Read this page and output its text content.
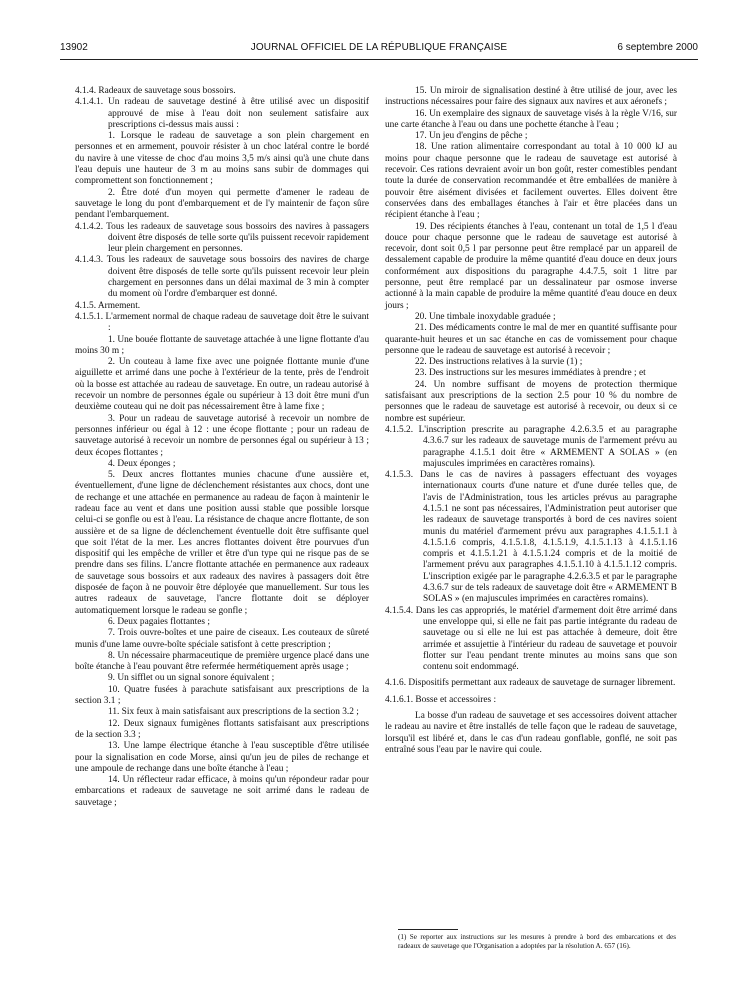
13902	JOURNAL OFFICIEL DE LA RÉPUBLIQUE FRANÇAISE	6 septembre 2000

4.1.4. Radeaux de sauvetage sous bossoirs.

4.1.4.1. Un radeau de sauvetage destiné à être utilisé avec un dispositif approuvé de mise à l'eau doit non seulement satisfaire aux prescriptions ci-dessus mais aussi :

1. Lorsque le radeau de sauvetage a son plein chargement en personnes et en armement, pouvoir résister à un choc latéral contre le bordé du navire à une vitesse de choc d'au moins 3,5 m/s ainsi qu'à une chute dans l'eau depuis une hauteur de 3 m au moins sans subir de dommages qui compromettent son fonctionnement ;

2. Être doté d'un moyen qui permette d'amener le radeau de sauvetage le long du pont d'embarquement et de l'y maintenir de façon sûre pendant l'embarquement.

4.1.4.2. Tous les radeaux de sauvetage sous bossoirs des navires à passagers doivent être disposés de telle sorte qu'ils puissent recevoir rapidement leur plein chargement en personnes.

4.1.4.3. Tous les radeaux de sauvetage sous bossoirs des navires de charge doivent être disposés de telle sorte qu'ils puissent recevoir leur plein chargement en personnes dans un délai maximal de 3 min à compter du moment où l'ordre d'embarquer est donné.

4.1.5. Armement.

4.1.5.1. L'armement normal de chaque radeau de sauvetage doit être le suivant :

1. Une bouée flottante de sauvetage attachée à une ligne flottante d'au moins 30 m ;

2. Un couteau à lame fixe avec une poignée flottante munie d'une aiguillette et arrimé dans une poche à l'extérieur de la tente, près de l'endroit où la bosse est attachée au radeau de sauvetage. En outre, un radeau autorisé à recevoir un nombre de personnes égale ou supérieur à 13 doit être muni d'un deuxième couteau qui ne doit pas nécessairement être à lame fixe ;

3. Pour un radeau de sauvetage autorisé à recevoir un nombre de personnes inférieur ou égal à 12 : une écope flottante ; pour un radeau de sauvetage autorisé à recevoir un nombre de personnes égal ou supérieur à 13 ; deux écopes flottantes ;

4. Deux éponges ;

5. Deux ancres flottantes munies chacune d'une aussière et, éventuellement, d'une ligne de déclenchement résistantes aux chocs, dont une de rechange et une attachée en permanence au radeau de façon à maintenir le radeau face au vent et dans une position aussi stable que possible lorsque celui-ci se gonfle ou est à l'eau. La résistance de chaque ancre flottante, de son aussière et de sa ligne de déclenchement éventuelle doit être suffisante quel que soit l'état de la mer. Les ancres flottantes doivent être pourvues d'un dispositif qui les empêche de vriller et être d'un type qui ne risque pas de se prendre dans ses filins. L'ancre flottante attachée en permanence aux radeaux de sauvetage sous bossoirs et aux radeaux des navires à passagers doit être disposée de façon à ne pouvoir être déployée que manuellement. Sur tous les autres radeaux de sauvetage, l'ancre flottante doit se déployer automatiquement lorsque le radeau se gonfle ;

6. Deux pagaies flottantes ;

7. Trois ouvre-boîtes et une paire de ciseaux. Les couteaux de sûreté munis d'une lame ouvre-boîte spéciale satisfont à cette prescription ;

8. Un nécessaire pharmaceutique de première urgence placé dans une boîte étanche à l'eau pouvant être refermée hermétiquement après usage ;

9. Un sifflet ou un signal sonore équivalent ;

10. Quatre fusées à parachute satisfaisant aux prescriptions de la section 3.1 ;

11. Six feux à main satisfaisant aux prescriptions de la section 3.2 ;

12. Deux signaux fumigènes flottants satisfaisant aux prescriptions de la section 3.3 ;

13. Une lampe électrique étanche à l'eau susceptible d'être utilisée pour la signalisation en code Morse, ainsi qu'un jeu de piles de rechange et une ampoule de rechange dans une boîte étanche à l'eau ;

14. Un réflecteur radar efficace, à moins qu'un répondeur radar pour embarcations et radeaux de sauvetage ne soit arrimé dans le radeau de sauvetage ;

15. Un miroir de signalisation destiné à être utilisé de jour, avec les instructions nécessaires pour faire des signaux aux navires et aux aéronefs ;

16. Un exemplaire des signaux de sauvetage visés à la règle V/16, sur une carte étanche à l'eau ou dans une pochette étanche à l'eau ;

17. Un jeu d'engins de pêche ;

18. Une ration alimentaire correspondant au total à 10 000 kJ au moins pour chaque personne que le radeau de sauvetage est autorisé à recevoir. Ces rations devraient avoir un bon goût, rester comestibles pendant toute la durée de conservation recommandée et être emballées de manière à pouvoir être aisément divisées et facilement ouvertes. Elles doivent être conservées dans des emballages étanches à l'air et être placées dans un récipient étanche à l'eau ;

19. Des récipients étanches à l'eau, contenant un total de 1,5 l d'eau douce pour chaque personne que le radeau de sauvetage est autorisé à recevoir, dont soit 0,5 l par personne peut être remplacé par un appareil de dessalement capable de produire la même quantité d'eau douce en deux jours conformément aux dispositions du paragraphe 4.4.7.5, soit 1 litre par personne, peut être remplacé par un dessalinateur par osmose inverse actionné à la main capable de produire la même quantité d'eau douce en deux jours ;

20. Une timbale inoxydable graduée ;

21. Des médicaments contre le mal de mer en quantité suffisante pour quarante-huit heures et un sac étanche en cas de vomissement pour chaque personne que le radeau de sauvetage est autorisé à recevoir ;

22. Des instructions relatives à la survie (1) ;

23. Des instructions sur les mesures immédiates à prendre ; et

24. Un nombre suffisant de moyens de protection thermique satisfaisant aux prescriptions de la section 2.5 pour 10 % du nombre de personnes que le radeau de sauvetage est autorisé à recevoir, ou deux si ce nombre est supérieur.

4.1.5.2. L'inscription prescrite au paragraphe 4.2.6.3.5 et au paragraphe 4.3.6.7 sur les radeaux de sauvetage munis de l'armement prévu au paragraphe 4.1.5.1 doit être « ARMEMENT A SOLAS » (en majuscules imprimées en caractères romains).

4.1.5.3. Dans le cas de navires à passagers effectuant des voyages internationaux courts d'une nature et d'une durée telles que, de l'avis de l'Administration, tous les articles prévus au paragraphe 4.1.5.1 ne sont pas nécessaires, l'Administration peut autoriser que les radeaux de sauvetage transportés à bord de ces navires soient munis du matériel d'armement prévu aux paragraphes 4.1.5.1.1 à 4.1.5.1.6 compris, 4.1.5.1.8, 4.1.5.1.9, 4.1.5.1.13 à 4.1.5.1.16 compris et 4.1.5.1.21 à 4.1.5.1.24 compris et de la moitié de l'armement prévu aux paragraphes 4.1.5.1.10 à 4.1.5.1.12 compris. L'inscription exigée par le paragraphe 4.2.6.3.5 et par le paragraphe 4.3.6.7 sur de tels radeaux de sauvetage doit être « ARMEMENT B SOLAS » (en majuscules imprimées en caractères romains).

4.1.5.4. Dans les cas appropriés, le matériel d'armement doit être arrimé dans une enveloppe qui, si elle ne fait pas partie intégrante du radeau de sauvetage ou si elle ne lui est pas attachée à demeure, doit être arrimée et assujettie à l'intérieur du radeau de sauvetage et pouvoir flotter sur l'eau pendant trente minutes au moins sans que son contenu soit endommagé.

4.1.6. Dispositifs permettant aux radeaux de sauvetage de surnager librement.

4.1.6.1. Bosse et accessoires :

La bosse d'un radeau de sauvetage et ses accessoires doivent attacher le radeau au navire et être installés de telle façon que le radeau de sauvetage, lorsqu'il est libéré et, dans le cas d'un radeau gonflable, gonflé, ne soit pas entraîné sous l'eau par le navire qui coule.

(1) Se reporter aux instructions sur les mesures à prendre à bord des embarcations et des radeaux de sauvetage que l'Organisation a adoptées par la résolution A. 657 (16).
